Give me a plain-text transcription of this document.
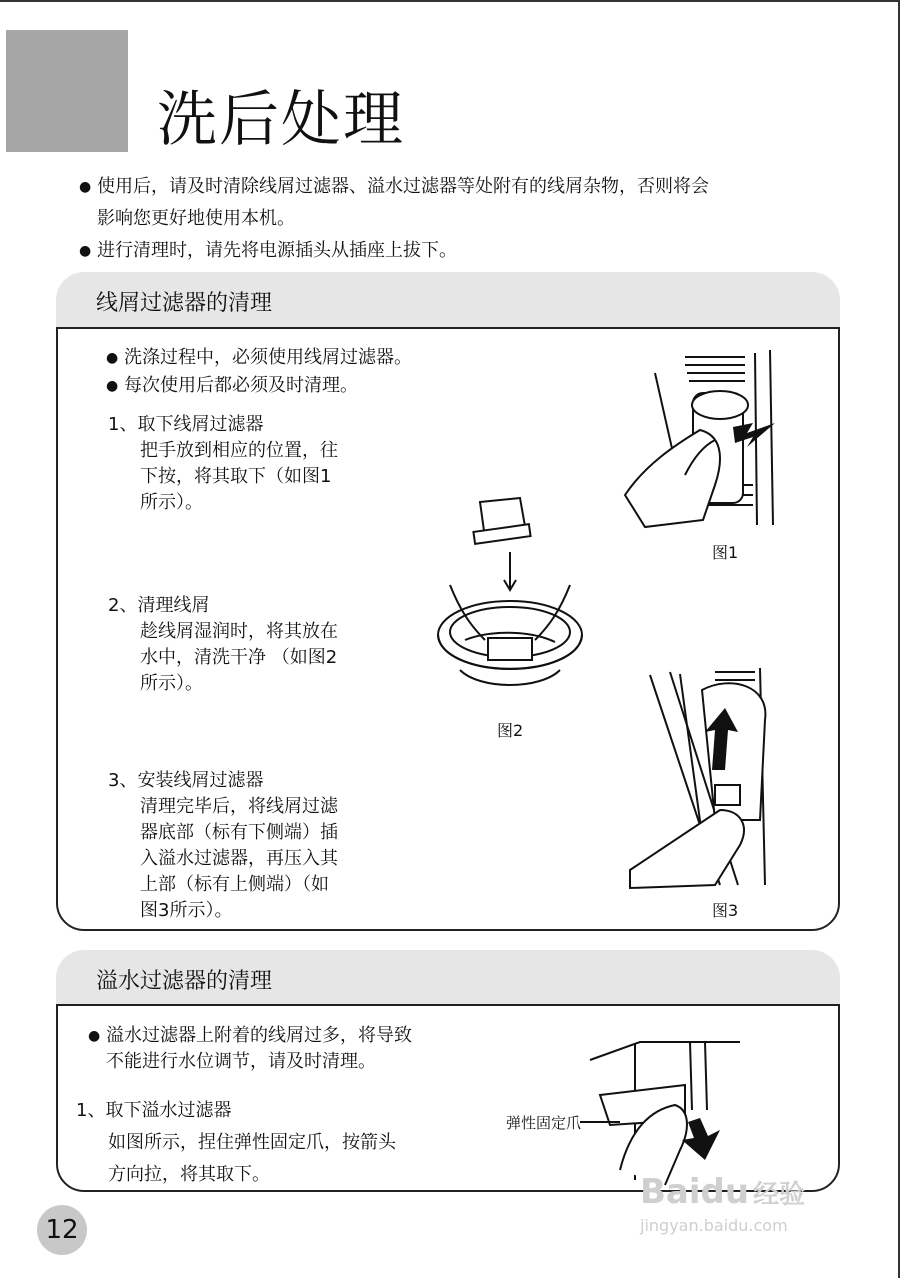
洗后处理
● 使用后，请及时清除线屑过滤器、溢水过滤器等处附有的线屑杂物，否则将会
影响您更好地使用本机。
● 进行清理时，请先将电源插头从插座上拔下。
线屑过滤器的清理
● 洗涤过程中，必须使用线屑过滤器。
● 每次使用后都必须及时清理。
1、取下线屑过滤器
把手放到相应的位置，往
下按，将其取下（如图1
所示）。
2、清理线屑
趁线屑湿润时，将其放在
水中，清洗干净 （如图2
所示）。
3、安装线屑过滤器
清理完毕后，将线屑过滤
器底部（标有下侧端）插
入溢水过滤器，再压入其
上部（标有上侧端）（如
图3所示）。
图1
图2
图3
溢水过滤器的清理
● 溢水过滤器上附着的线屑过多，将导致
不能进行水位调节，请及时清理。
1、取下溢水过滤器
如图所示，捏住弹性固定爪，按箭头
方向拉，将其取下。
弹性固定爪
12
Baidu 经验
jingyan.baidu.com
